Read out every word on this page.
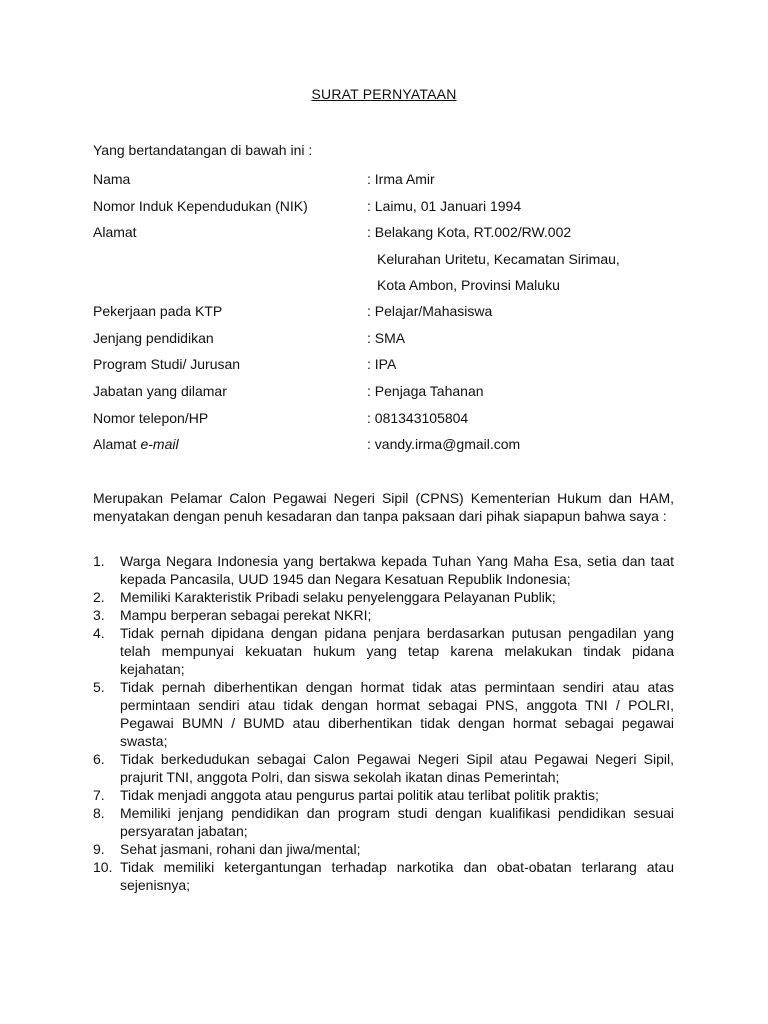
SURAT PERNYATAAN
Yang bertandatangan di bawah ini :
Nama	: Irma Amir
Nomor Induk Kependudukan (NIK)	: Laimu, 01 Januari 1994
Alamat	: Belakang Kota, RT.002/RW.002
Kelurahan Uritetu, Kecamatan Sirimau,
Kota Ambon, Provinsi Maluku
Pekerjaan pada KTP	: Pelajar/Mahasiswa
Jenjang pendidikan	: SMA
Program Studi/ Jurusan	: IPA
Jabatan yang dilamar	: Penjaga Tahanan
Nomor telepon/HP	: 081343105804
Alamat e-mail	: vandy.irma@gmail.com
Merupakan Pelamar Calon Pegawai Negeri Sipil (CPNS) Kementerian Hukum dan HAM, menyatakan dengan penuh kesadaran dan tanpa paksaan dari pihak siapapun bahwa saya :
1.	Warga Negara Indonesia yang bertakwa kepada Tuhan Yang Maha Esa, setia dan taat kepada Pancasila, UUD 1945 dan Negara Kesatuan Republik Indonesia;
2.	Memiliki Karakteristik Pribadi selaku penyelenggara Pelayanan Publik;
3.	Mampu berperan sebagai perekat NKRI;
4.	Tidak pernah dipidana dengan pidana penjara berdasarkan putusan pengadilan yang telah mempunyai kekuatan hukum yang tetap karena melakukan tindak pidana kejahatan;
5.	Tidak pernah diberhentikan dengan hormat tidak atas permintaan sendiri atau atas permintaan sendiri atau tidak dengan hormat sebagai PNS, anggota TNI / POLRI, Pegawai BUMN / BUMD atau diberhentikan tidak dengan hormat sebagai pegawai swasta;
6.	Tidak berkedudukan sebagai Calon Pegawai Negeri Sipil atau Pegawai Negeri Sipil, prajurit TNI, anggota Polri, dan siswa sekolah ikatan dinas Pemerintah;
7.	Tidak menjadi anggota atau pengurus partai politik atau terlibat politik praktis;
8.	Memiliki jenjang pendidikan dan program studi dengan kualifikasi pendidikan sesuai persyaratan jabatan;
9.	Sehat jasmani, rohani dan jiwa/mental;
10. Tidak memiliki ketergantungan terhadap narkotika dan obat-obatan terlarang atau sejenisnya;
